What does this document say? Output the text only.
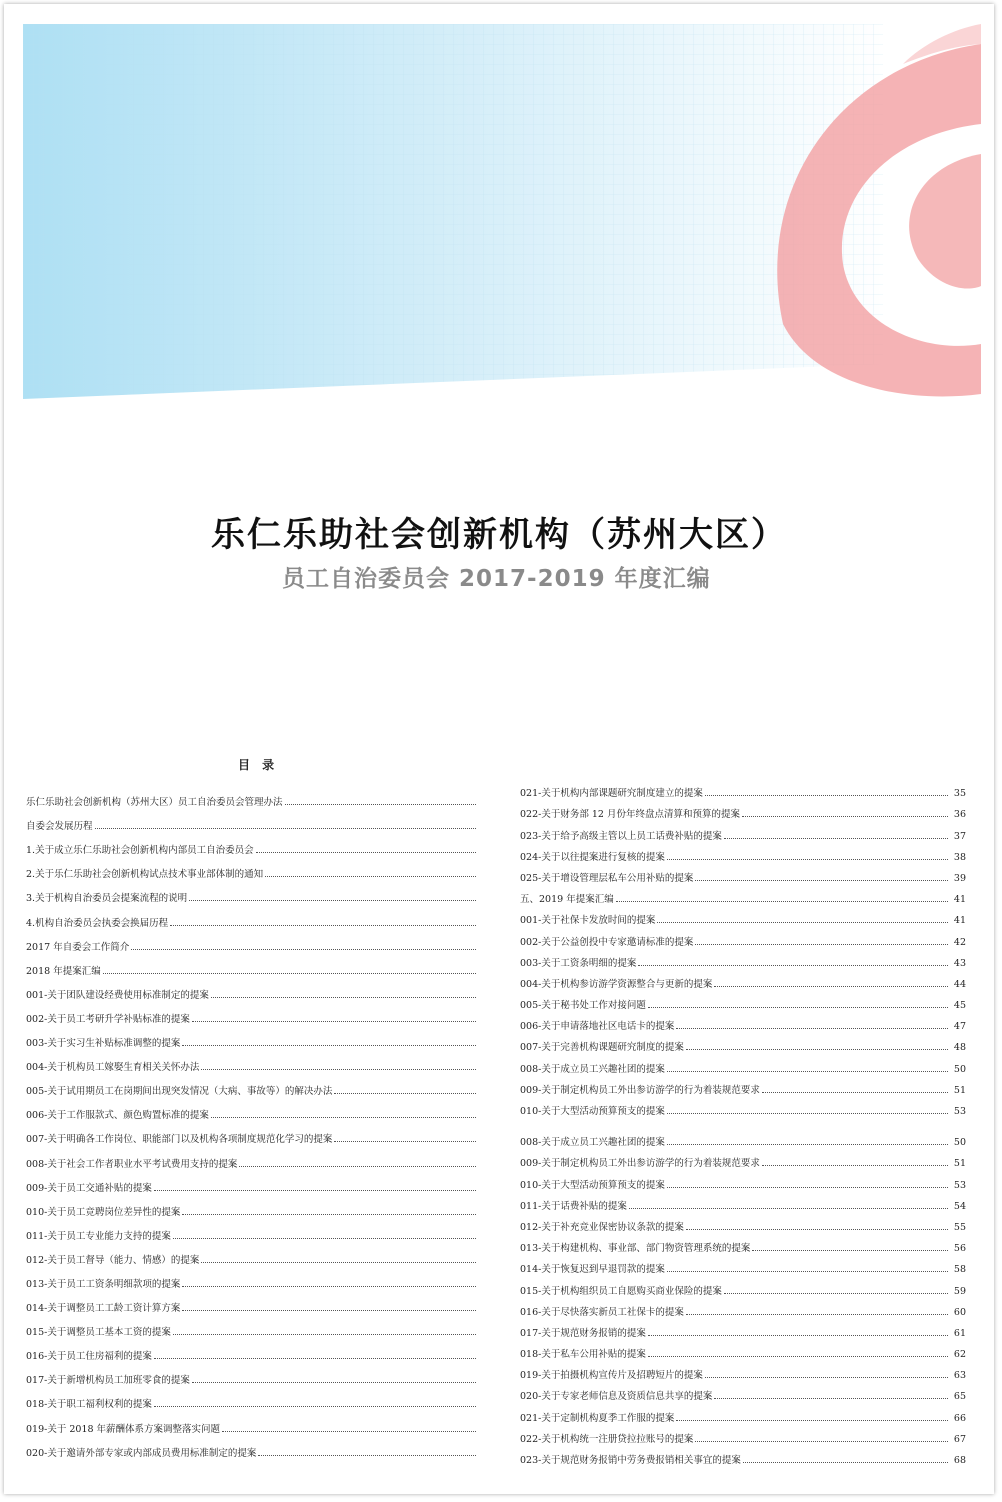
乐仁乐助社会创新机构（苏州大区）
员工自治委员会 2017-2019 年度汇编
目 录
乐仁乐助社会创新机构（苏州大区）员工自治委员会管理办法
自委会发展历程
1.关于成立乐仁乐助社会创新机构内部员工自治委员会
2.关于乐仁乐助社会创新机构试点技术事业部体制的通知
3.关于机构自治委员会提案流程的说明
4.机构自治委员会执委会换届历程
2017 年自委会工作简介
2018 年提案汇编
001-关于团队建设经费使用标准制定的提案
002-关于员工考研升学补贴标准的提案
003-关于实习生补贴标准调整的提案
004-关于机构员工嫁娶生育相关关怀办法
005-关于试用期员工在岗期间出现突发情况（大病、事故等）的解决办法
006-关于工作服款式、颜色购置标准的提案
007-关于明确各工作岗位、职能部门以及机构各项制度规范化学习的提案
008-关于社会工作者职业水平考试费用支持的提案
009-关于员工交通补贴的提案
010-关于员工竞聘岗位差异性的提案
011-关于员工专业能力支持的提案
012-关于员工督导（能力、情感）的提案
013-关于员工工资条明细款项的提案
014-关于调整员工工龄工资计算方案
015-关于调整员工基本工资的提案
016-关于员工住房福利的提案
017-关于新增机构员工加班零食的提案
018-关于职工福利权利的提案
019-关于 2018 年薪酬体系方案调整落实问题
020-关于邀请外部专家或内部成员费用标准制定的提案
021-关于机构内部课题研究制度建立的提案	35
022-关于财务部 12 月份年终盘点清算和预算的提案	36
023-关于给予高级主管以上员工话费补贴的提案	37
024-关于以往提案进行复核的提案	38
025-关于增设管理层私车公用补贴的提案	39
五、2019 年提案汇编	41
001-关于社保卡发放时间的提案	41
002-关于公益创投中专家邀请标准的提案	42
003-关于工资条明细的提案	43
004-关于机构参访游学资源整合与更新的提案	44
005-关于秘书处工作对接问题	45
006-关于申请落地社区电话卡的提案	47
007-关于完善机构课题研究制度的提案	48
008-关于成立员工兴趣社团的提案	50
009-关于制定机构员工外出参访游学的行为着装规范要求	51
010-关于大型活动预算预支的提案	53
008-关于成立员工兴趣社团的提案	50
009-关于制定机构员工外出参访游学的行为着装规范要求	51
010-关于大型活动预算预支的提案	53
011-关于话费补贴的提案	54
012-关于补充竞业保密协议条款的提案	55
013-关于构建机构、事业部、部门物资管理系统的提案	56
014-关于恢复迟到早退罚款的提案	58
015-关于机构组织员工自愿购买商业保险的提案	59
016-关于尽快落实新员工社保卡的提案	60
017-关于规范财务报销的提案	61
018-关于私车公用补贴的提案	62
019-关于拍摄机构宣传片及招聘短片的提案	63
020-关于专家老师信息及资质信息共享的提案	65
021-关于定制机构夏季工作服的提案	66
022-关于机构统一注册贷拉拉账号的提案	67
023-关于规范财务报销中劳务费报销相关事宜的提案	68
